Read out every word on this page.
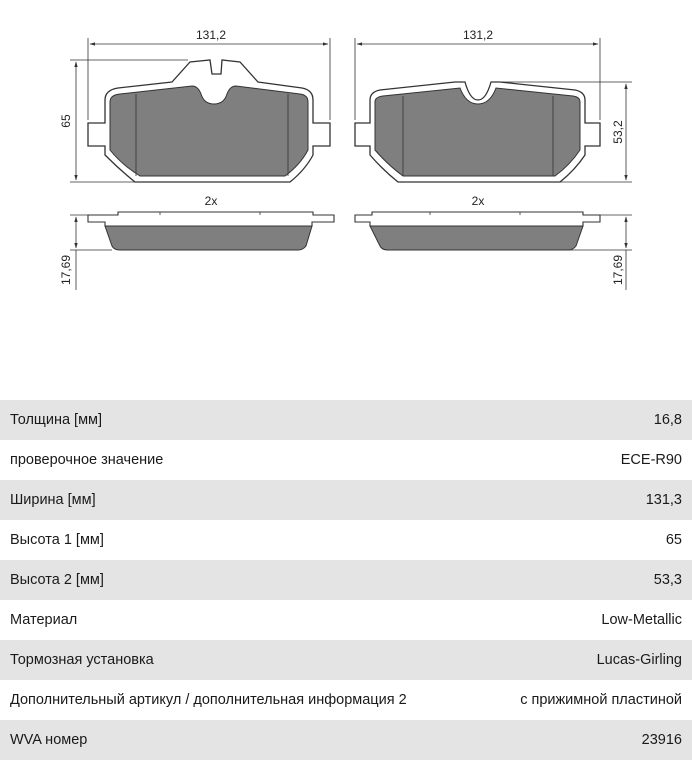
131,2
65
131,2
53,2
2x
17,69
2x
17,69
Толщина [мм]	16,8
проверочное значение	ECE-R90
Ширина [мм]	131,3
Высота 1 [мм]	65
Высота 2 [мм]	53,3
Материал	Low-Metallic
Тормозная установка	Lucas-Girling
Дополнительный артикул / дополнительная информация 2	с прижимной пластиной
WVA номер	23916
